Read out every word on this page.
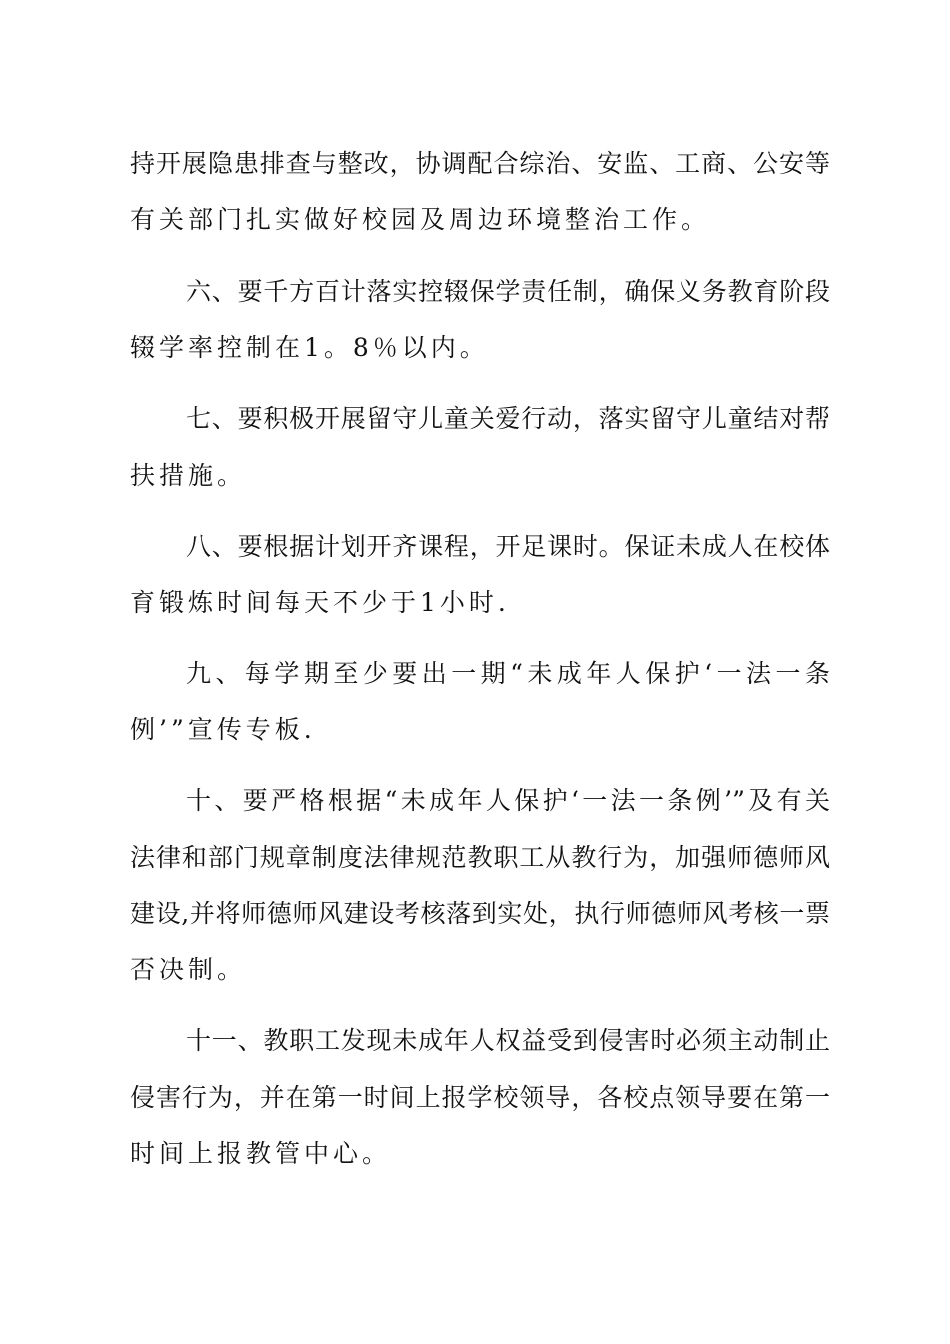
持开展隐患排查与整改，协调配合综治、安监、工商、公安等
有关部门扎实做好校园及周边环境整治工作。
六、要千方百计落实控辍保学责任制，确保义务教育阶段
辍学率控制在1。8％以内。
七、要积极开展留守儿童关爱行动，落实留守儿童结对帮
扶措施。
八、要根据计划开齐课程，开足课时。保证未成人在校体
育锻炼时间每天不少于1小时.
九、每学期至少要出一期“未成年人保护‘一法一条
例’”宣传专板.
十、要严格根据“未成年人保护‘一法一条例’”及有关
法律和部门规章制度法律规范教职工从教行为，加强师德师风
建设,并将师德师风建设考核落到实处，执行师德师风考核一票
否决制。
十一、教职工发现未成年人权益受到侵害时必须主动制止
侵害行为，并在第一时间上报学校领导，各校点领导要在第一
时间上报教管中心。
